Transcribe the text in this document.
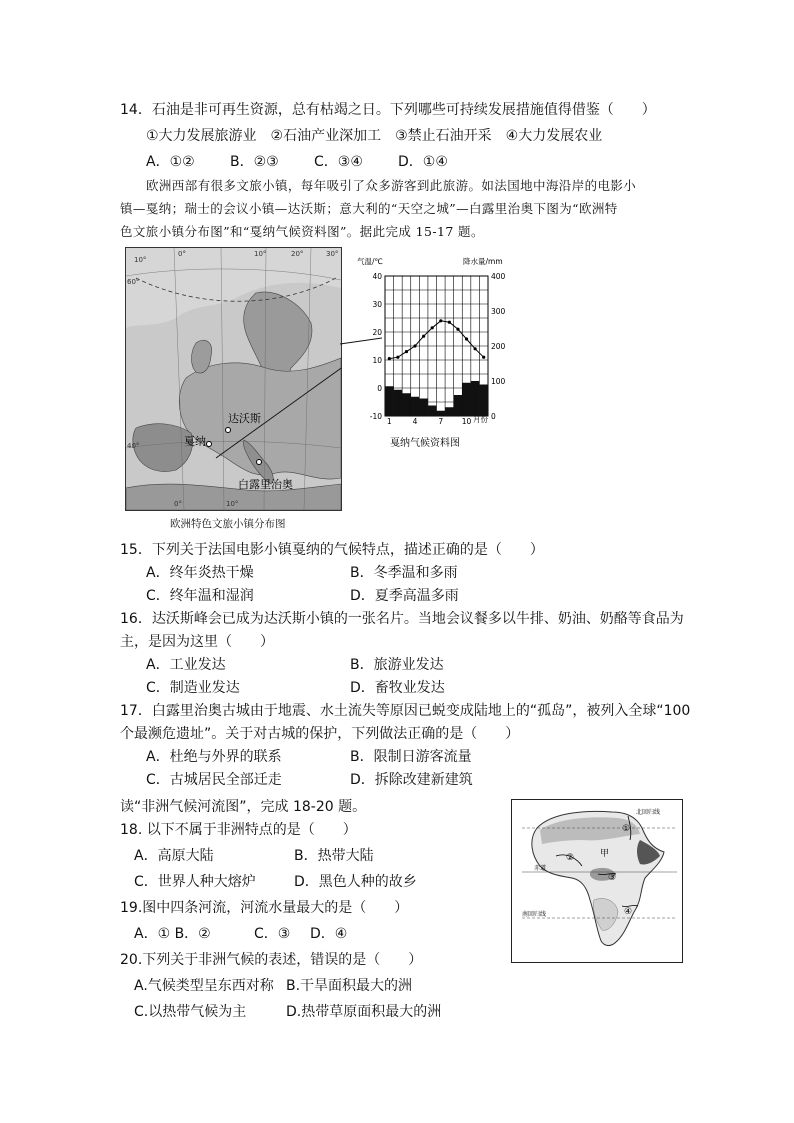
14．石油是非可再生资源，总有枯竭之日。下列哪些可持续发展措施值得借鉴（　　）
①大力发展旅游业　②石油产业深加工　③禁止石油开采　④大力发展农业
A．①②	B．②③	C．③④	D．①④
欧洲西部有很多文旅小镇，每年吸引了众多游客到此旅游。如法国地中海沿岸的电影小
镇—戛纳；瑞士的会议小镇—达沃斯；意大利的“天空之城”—白露里治奥下图为“欧洲特
色文旅小镇分布图”和“戛纳气候资料图”。据此完成 15-17 题。
10°
0°	10°	20°	30°
40°
60°
0°	10°
达沃斯
戛纳
白露里治奥
欧洲特色文旅小镇分布图
气温/℃	降水量/mm
40
30
20
10
0
-10
400
300
200
100
0
1	4	7 10 月份
戛纳气候资料图
15．下列关于法国电影小镇戛纳的气候特点，描述正确的是（　　）
A．终年炎热干燥	B．冬季温和多雨
C．终年温和湿润	D．夏季高温多雨
16．达沃斯峰会已成为达沃斯小镇的一张名片。当地会议餐多以牛排、奶油、奶酪等食品为
主，是因为这里（　　）
A．工业发达	B．旅游业发达
C．制造业发达	D．畜牧业发达
17．白露里治奥古城由于地震、水土流失等原因已蜕变成陆地上的“孤岛”，被列入全球“100
个最濒危遗址”。关于对古城的保护，下列做法正确的是（　　）
A．杜绝与外界的联系	B．限制日游客流量
C．古城居民全部迁走	D．拆除改建新建筑
读“非洲气候河流图”，完成 18-20 题。	北回归线
赤道
南回归线
甲
①
②
③
④
18. 以下不属于非洲特点的是（　　）
A．高原大陆	B．热带大陆
C．世界人种大熔炉	D．黑色人种的故乡
19.图中四条河流，河流水量最大的是（　　）
A．① B．②	C．③ D．④
20.下列关于非洲气候的表述，错误的是（　　）
A.气候类型呈东西对称 B.干旱面积最大的洲
C.以热带气候为主	D.热带草原面积最大的洲
